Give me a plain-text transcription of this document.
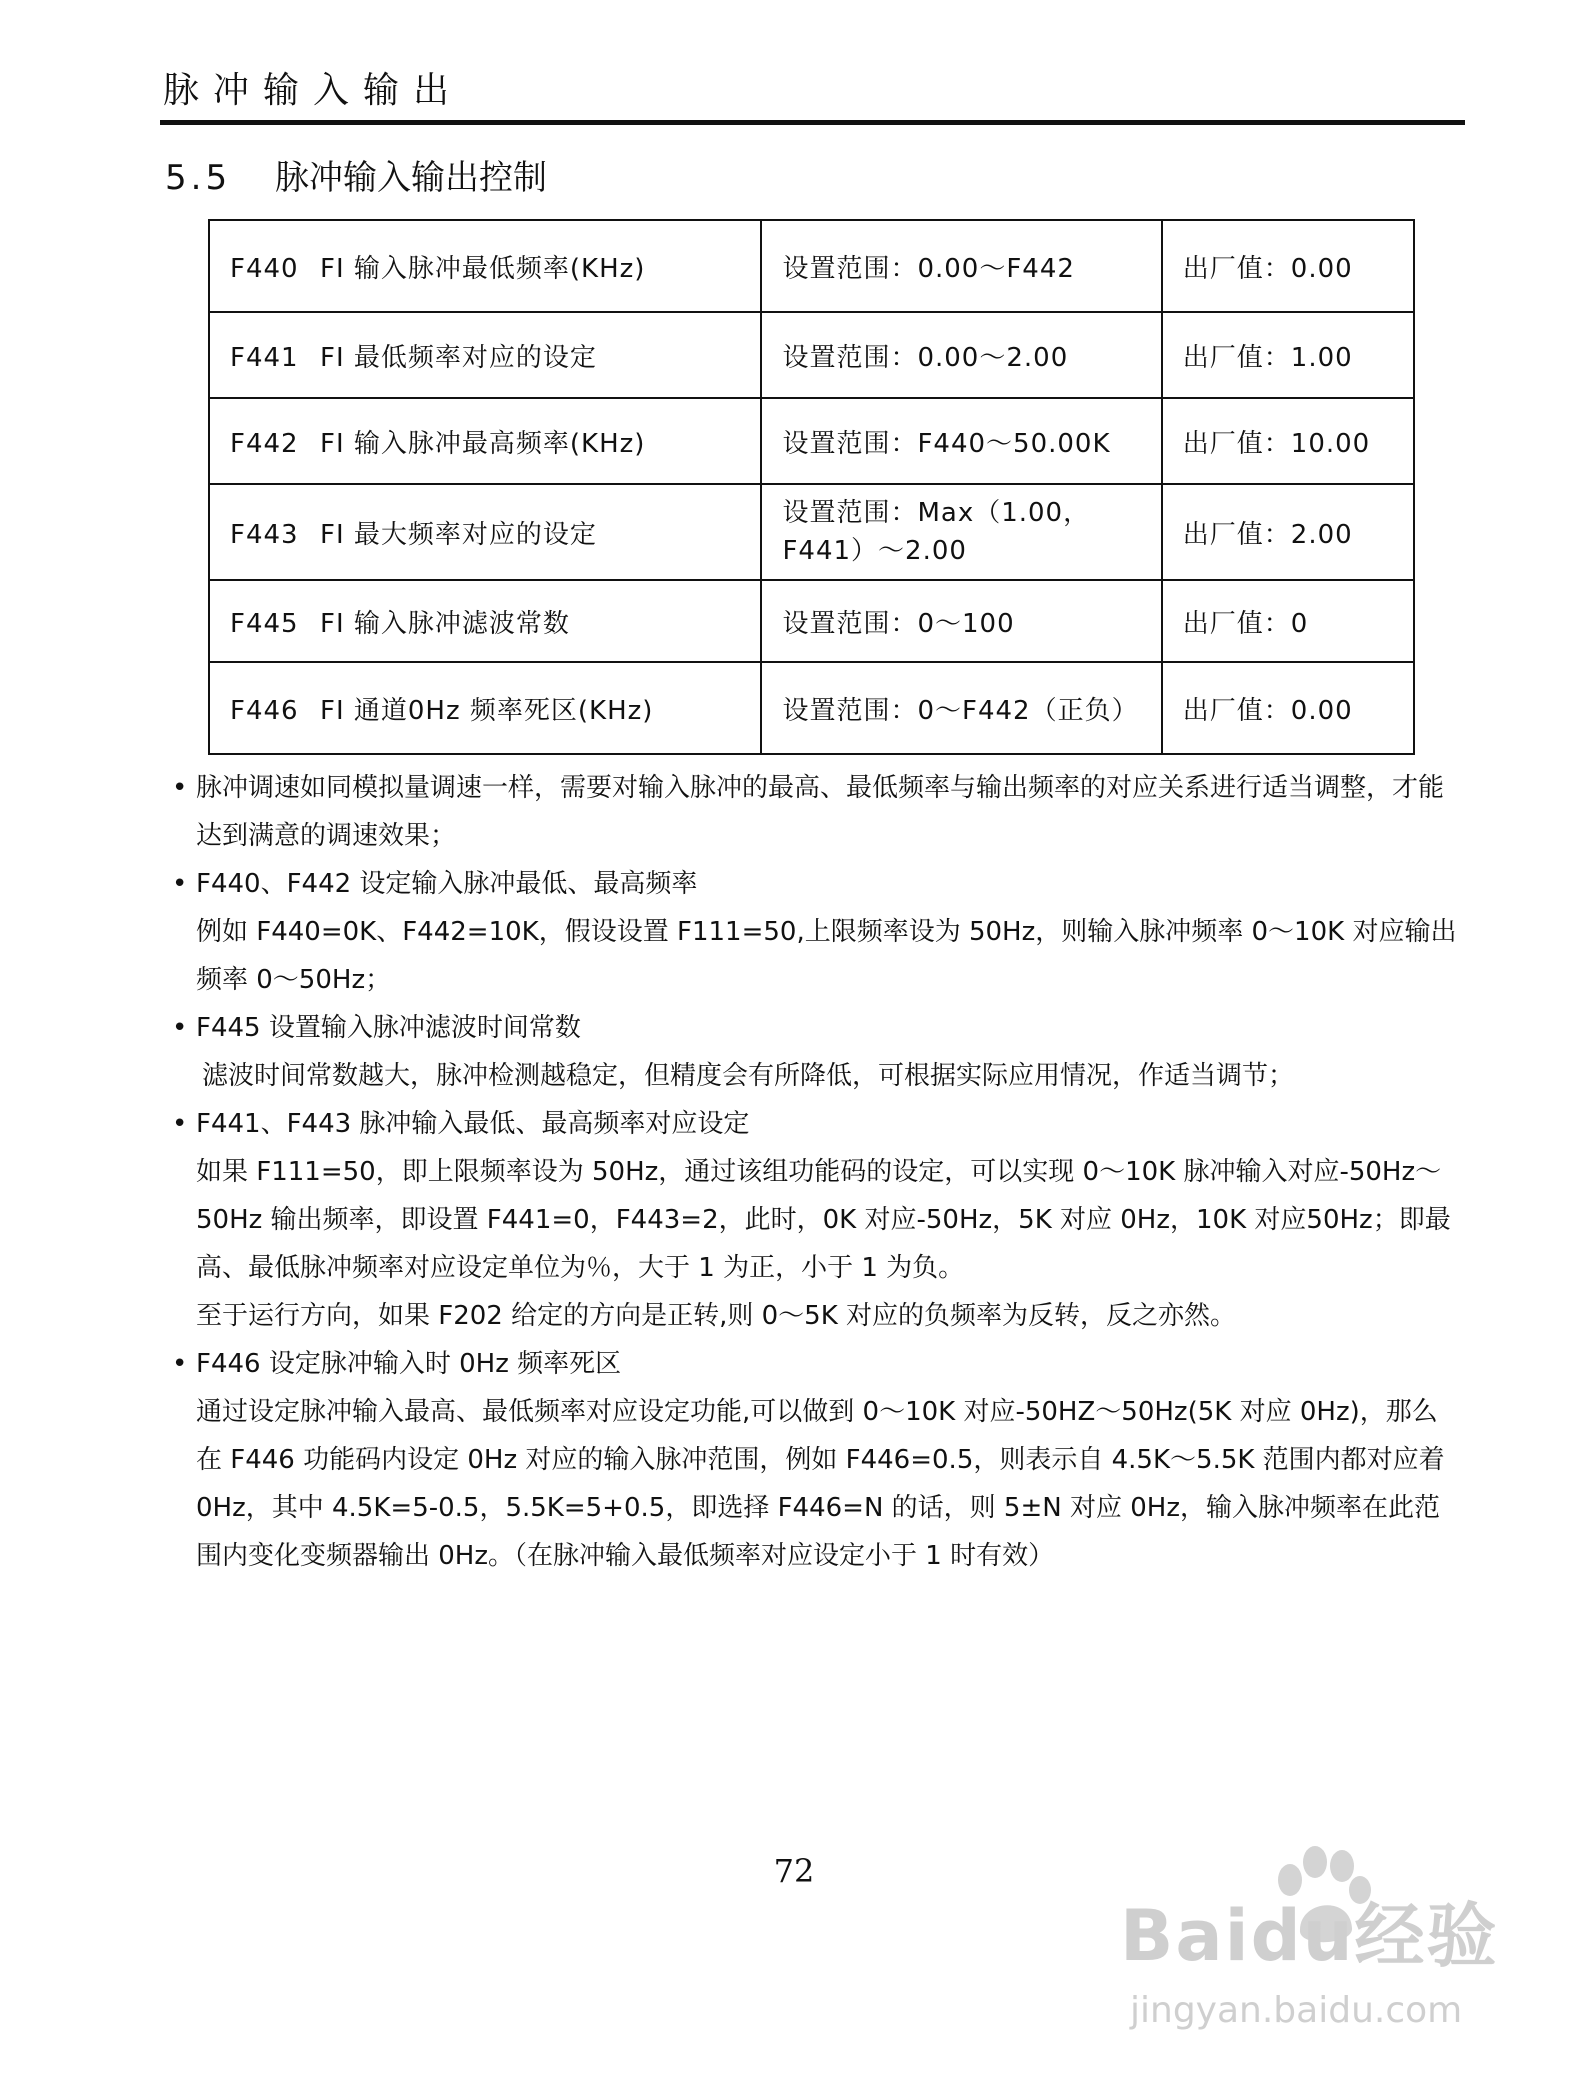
脉冲输入输出
5.5 脉冲输入输出控制
F440 FI 输入脉冲最低频率(KHz)	设置范围：0.00～F442	出厂值：0.00
F441 FI 最低频率对应的设定	设置范围：0.00～2.00	出厂值：1.00
F442 FI 输入脉冲最高频率(KHz)	设置范围：F440～50.00K	出厂值：10.00
F443 FI 最大频率对应的设定	设置范围：Max（1.00，F441）～2.00	出厂值：2.00
F445 FI 输入脉冲滤波常数	设置范围：0～100	出厂值：0
F446 FI 通道0Hz 频率死区(KHz)	设置范围：0～F442（正负）	出厂值：0.00
• 脉冲调速如同模拟量调速一样，需要对输入脉冲的最高、最低频率与输出频率的对应关系进行适当调整，才能达到满意的调速效果；
• F440、F442 设定输入脉冲最低、最高频率
例如 F440=0K、F442=10K，假设设置 F111=50,上限频率设为 50Hz，则输入脉冲频率 0～10K 对应输出频率 0～50Hz；
• F445 设置输入脉冲滤波时间常数
滤波时间常数越大，脉冲检测越稳定，但精度会有所降低，可根据实际应用情况，作适当调节；
• F441、F443 脉冲输入最低、最高频率对应设定
如果 F111=50，即上限频率设为 50Hz，通过该组功能码的设定，可以实现 0～10K 脉冲输入对应-50Hz～50Hz 输出频率，即设置 F441=0，F443=2，此时，0K 对应-50Hz，5K 对应 0Hz，10K 对应50Hz；即最高、最低脉冲频率对应设定单位为％，大于 1 为正，小于 1 为负。
至于运行方向，如果 F202 给定的方向是正转,则 0～5K 对应的负频率为反转，反之亦然。
• F446 设定脉冲输入时 0Hz 频率死区
通过设定脉冲输入最高、最低频率对应设定功能,可以做到 0～10K 对应-50HZ～50Hz(5K 对应 0Hz)，那么在 F446 功能码内设定 0Hz 对应的输入脉冲范围，例如 F446=0.5，则表示自 4.5K～5.5K 范围内都对应着 0Hz，其中 4.5K=5-0.5，5.5K=5+0.5，即选择 F446=N 的话，则 5±N 对应 0Hz，输入脉冲频率在此范围内变化变频器输出 0Hz。（在脉冲输入最低频率对应设定小于 1 时有效）
72
Baidu经验
jingyan.baidu.com
